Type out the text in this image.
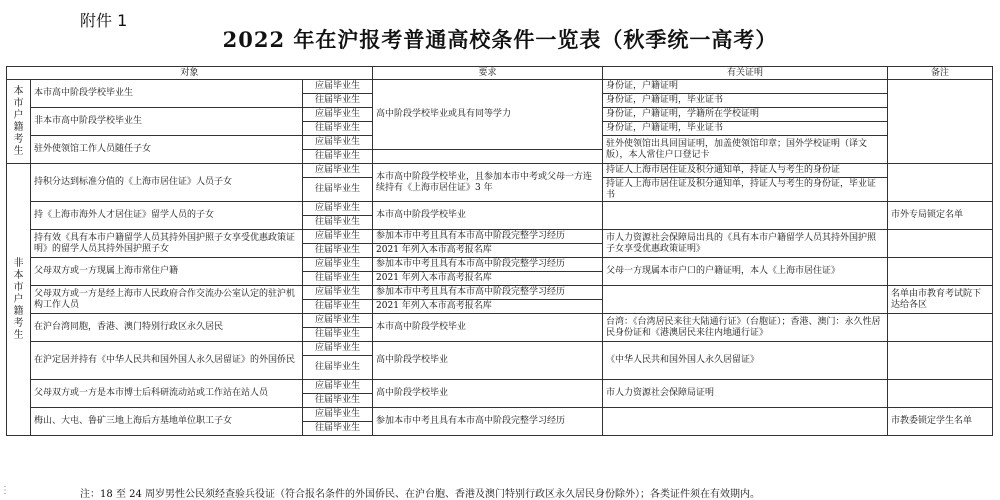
附件 1
2022 年在沪报考普通高校条件一览表（秋季统一高考）
对象			要求	有关证明	备注
本市户籍考生	本市高中阶段学校毕业生	应届毕业生	高中阶段学校毕业或具有同等学力	身份证，户籍证明	
		往届毕业生		身份证，户籍证明，毕业证书	
	非本市高中阶段学校毕业生	应届毕业生		身份证，户籍证明，学籍所在学校证明	
		往届毕业生		身份证，户籍证明，毕业证书	
	驻外使领馆工作人员随任子女	应届毕业生		驻外使领馆出具回国证明，加盖使领馆印章；国外学校证明（译文版），本人常住户口登记卡	
		往届毕业生			
非本市户籍考生	持积分达到标准分值的《上海市居住证》人员子女	应届毕业生	本市高中阶段学校毕业，且参加本市中考或父母一方连续持有《上海市居住证》3 年	持证人上海市居住证及积分通知单，持证人与考生的身份证	
		往届毕业生		持证人上海市居住证及积分通知单，持证人与考生的身份证，毕业证书	
	持《上海市海外人才居住证》留学人员的子女	应届毕业生	本市高中阶段学校毕业		市外专局锁定名单
		往届毕业生			
	持有效《具有本市户籍留学人员其持外国护照子女享受优惠政策证明》的留学人员其持外国护照子女	应届毕业生	参加本市中考且具有本市高中阶段完整学习经历	市人力资源社会保障局出具的《具有本市户籍留学人员其持外国护照子女享受优惠政策证明》	
		往届毕业生	2021 年列入本市高考报名库		
	父母双方或一方现属上海市常住户籍	应届毕业生	参加本市中考且具有本市高中阶段完整学习经历	父母一方现属本市户口的户籍证明，本人《上海市居住证》	
		往届毕业生	2021 年列入本市高考报名库		
	父母双方或一方是经上海市人民政府合作交流办公室认定的驻沪机构工作人员	应届毕业生	参加本市中考且具有本市高中阶段完整学习经历		名单由市教育考试院下达给各区
		往届毕业生	2021 年列入本市高考报名库		
	在沪台湾同胞，香港、澳门特别行政区永久居民	应届毕业生	本市高中阶段学校毕业	台湾：《台湾居民来往大陆通行证》（台胞证）；香港、澳门：永久性居民身份证和《港澳居民来往内地通行证》	
		往届毕业生			
	在沪定居并持有《中华人民共和国外国人永久居留证》的外国侨民	应届毕业生	高中阶段学校毕业	《中华人民共和国外国人永久居留证》	
		往届毕业生			
	父母双方或一方是本市博士后科研流动站或工作站在站人员	应届毕业生	高中阶段学校毕业	市人力资源社会保障局证明	
		往届毕业生			
	梅山、大屯、鲁矿三地上海后方基地单位职工子女	应届毕业生	参加本市中考且具有本市高中阶段完整学习经历		市教委锁定学生名单
		往届毕业生			
⋮	注：18 至 24 周岁男性公民须经查验兵役证（符合报名条件的外国侨民、在沪台胞、香港及澳门特别行政区永久居民身份除外）；各类证件须在有效期内。
